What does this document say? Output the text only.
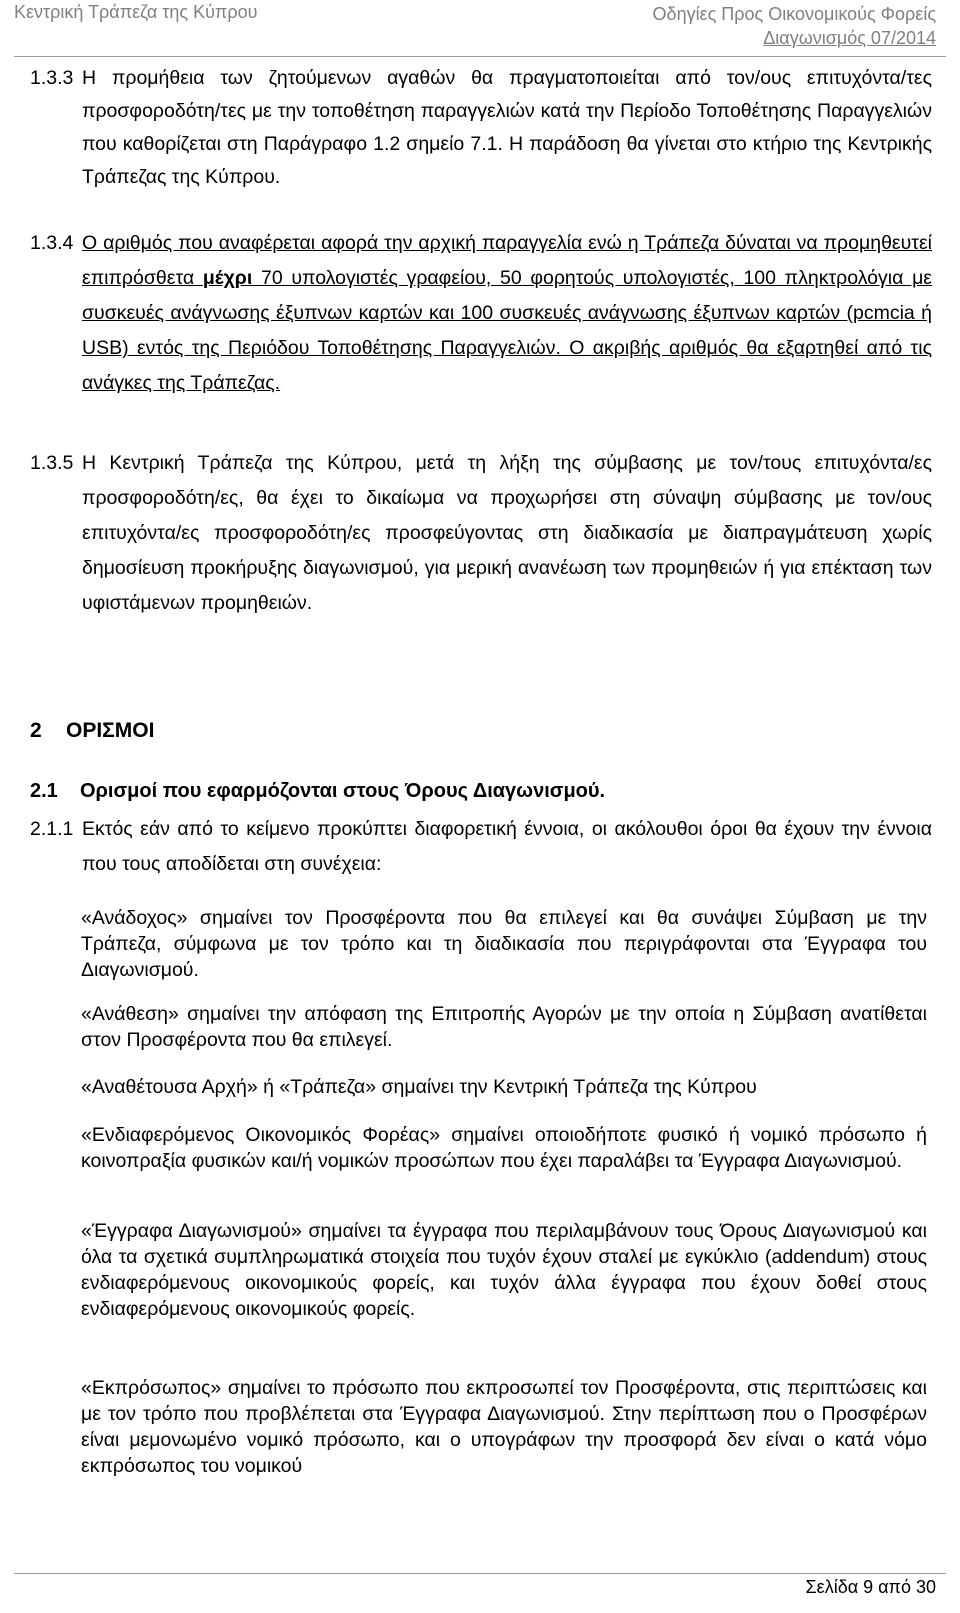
Κεντρική Τράπεζα της Κύπρου	Οδηγίες Προς Οικονομικούς Φορείς
Διαγωνισμός 07/2014
1.3.3 Η προμήθεια των ζητούμενων αγαθών θα πραγματοποιείται από τον/ους επιτυχόντα/τες προσφοροδότη/τες με την τοποθέτηση παραγγελιών κατά την Περίοδο Τοποθέτησης Παραγγελιών που καθορίζεται στη Παράγραφο 1.2 σημείο 7.1. Η παράδοση θα γίνεται στο κτήριο της Κεντρικής Τράπεζας της Κύπρου.
1.3.4 Ο αριθμός που αναφέρεται αφορά την αρχική παραγγελία ενώ η Τράπεζα δύναται να προμηθευτεί επιπρόσθετα μέχρι 70 υπολογιστές γραφείου, 50 φορητούς υπολογιστές, 100 πληκτρολόγια με συσκευές ανάγνωσης έξυπνων καρτών και 100 συσκευές ανάγνωσης έξυπνων καρτών (pcmcia ή USB) εντός της Περιόδου Τοποθέτησης Παραγγελιών. Ο ακριβής αριθμός θα εξαρτηθεί από τις ανάγκες της Τράπεζας.
1.3.5 Η Κεντρική Τράπεζα της Κύπρου, μετά τη λήξη της σύμβασης με τον/τους επιτυχόντα/ες προσφοροδότη/ες, θα έχει το δικαίωμα να προχωρήσει στη σύναψη σύμβασης με τον/ους επιτυχόντα/ες προσφοροδότη/ες προσφεύγοντας στη διαδικασία με διαπραγμάτευση χωρίς δημοσίευση προκήρυξης διαγωνισμού, για μερική ανανέωση των προμηθειών ή για επέκταση των υφιστάμενων προμηθειών.
2 ΟΡΙΣΜΟΙ
2.1 Ορισμοί που εφαρμόζονται στους Όρους Διαγωνισμού.
2.1.1 Εκτός εάν από το κείμενο προκύπτει διαφορετική έννοια, οι ακόλουθοι όροι θα έχουν την έννοια που τους αποδίδεται στη συνέχεια:
«Ανάδοχος» σημαίνει τον Προσφέροντα που θα επιλεγεί και θα συνάψει Σύμβαση με την Τράπεζα, σύμφωνα με τον τρόπο και τη διαδικασία που περιγράφονται στα Έγγραφα του Διαγωνισμού.
«Ανάθεση» σημαίνει την απόφαση της Επιτροπής Αγορών με την οποία η Σύμβαση ανατίθεται στον Προσφέροντα που θα επιλεγεί.
«Αναθέτουσα Αρχή» ή «Τράπεζα» σημαίνει την Κεντρική Τράπεζα της Κύπρου
«Ενδιαφερόμενος Οικονομικός Φορέας» σημαίνει οποιοδήποτε φυσικό ή νομικό πρόσωπο ή κοινοπραξία φυσικών και/ή νομικών προσώπων που έχει παραλάβει τα Έγγραφα Διαγωνισμού.
«Έγγραφα Διαγωνισμού» σημαίνει τα έγγραφα που περιλαμβάνουν τους Όρους Διαγωνισμού και όλα τα σχετικά συμπληρωματικά στοιχεία που τυχόν έχουν σταλεί με εγκύκλιο (addendum) στους ενδιαφερόμενους οικονομικούς φορείς, και τυχόν άλλα έγγραφα που έχουν δοθεί στους ενδιαφερόμενους οικονομικούς φορείς.
«Εκπρόσωπος» σημαίνει το πρόσωπο που εκπροσωπεί τον Προσφέροντα, στις περιπτώσεις και με τον τρόπο που προβλέπεται στα Έγγραφα Διαγωνισμού. Στην περίπτωση που ο Προσφέρων είναι μεμονωμένο νομικό πρόσωπο, και ο υπογράφων την προσφορά δεν είναι ο κατά νόμο εκπρόσωπος του νομικού
Σελίδα 9 από 30
